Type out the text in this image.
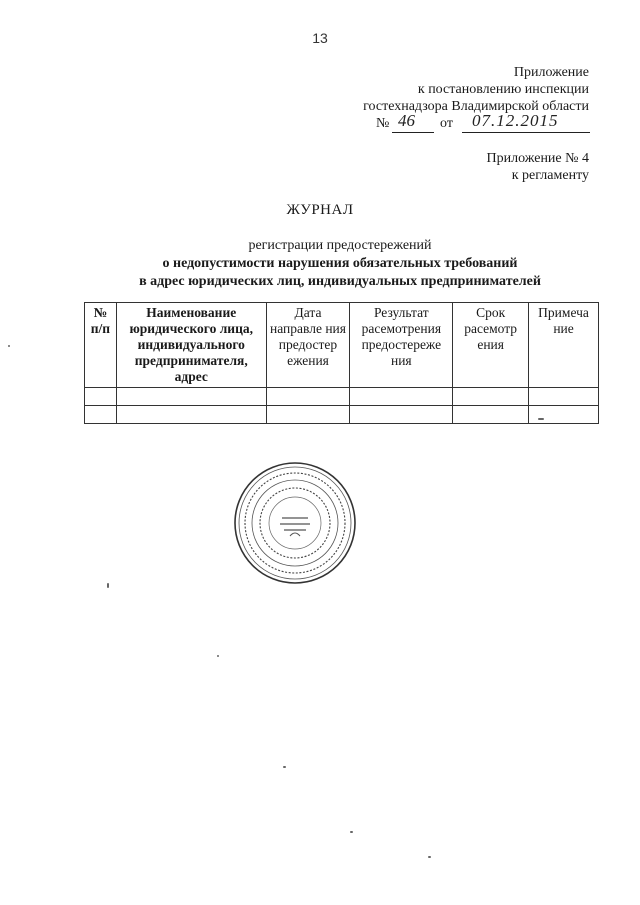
13
Приложение
к постановлению инспекции
гостехнадзора Владимирской области
№ 46 от 07.12.2015
Приложение № 4
к регламенту
ЖУРНАЛ
регистрации предостережений
о недопустимости нарушения обязательных требований
в адрес юридических лиц, индивидуальных предпринимателей
№ п/п	Наименование юридического лица, индивидуального предпринимателя, адрес	Дата направле ния предостер ежения	Результат расемотрения предостереже ния	Срок расемотр ения	Примеча ние
